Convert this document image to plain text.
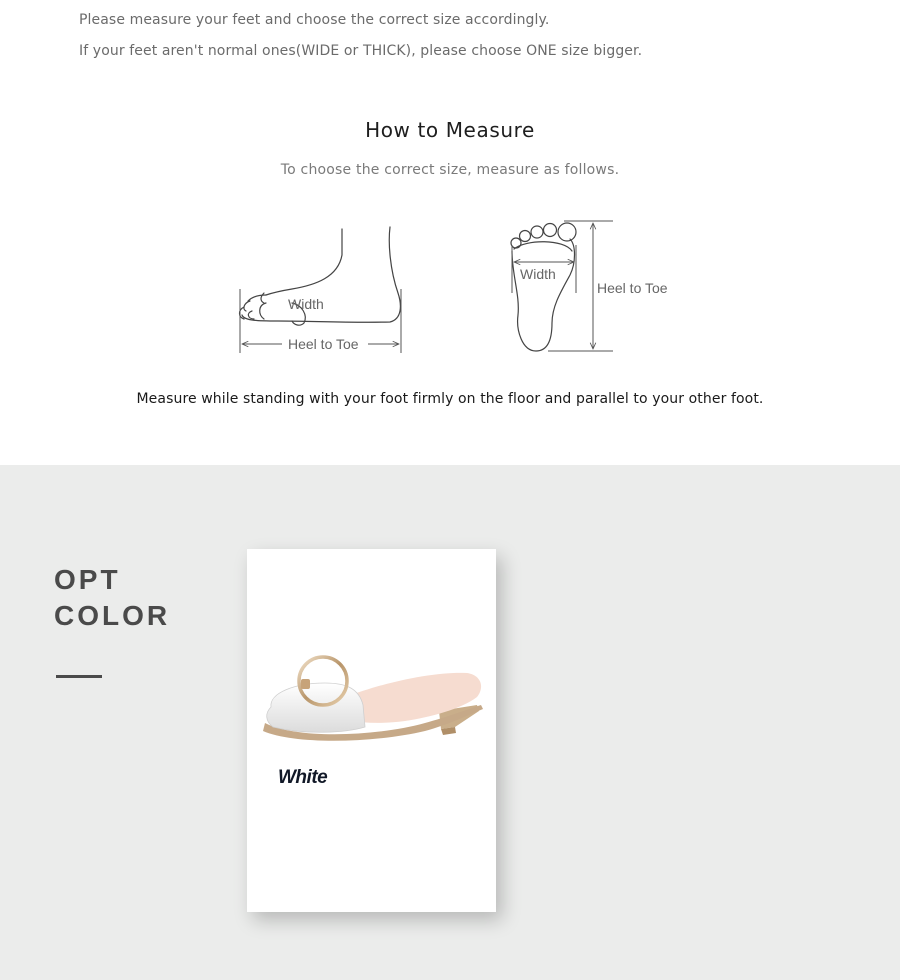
Please measure your feet and choose the correct size accordingly.
If your feet aren't normal ones(WIDE or THICK), please choose ONE size bigger.
How to Measure
To choose the correct size, measure as follows.
Width
Heel to Toe
Width
Heel to Toe
Measure while standing with your foot firmly on the floor and parallel to your other foot.
OPT
COLOR
White
